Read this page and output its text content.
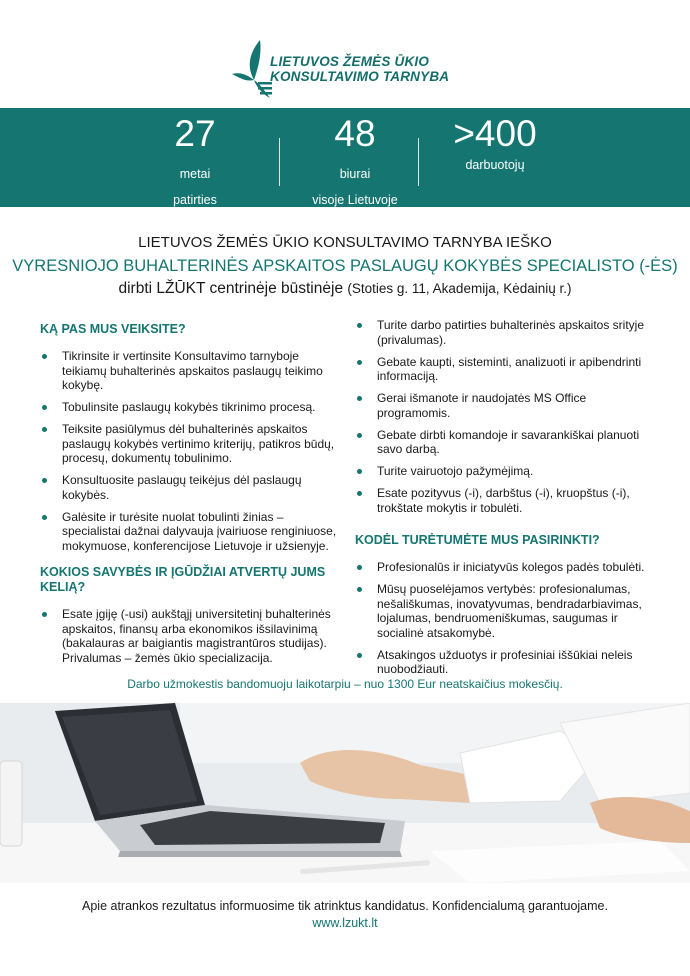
LIETUVOS ŽEMĖS ŪKIO
KONSULTAVIMO TARNYBA
27
metai
patirties
48
biurai
visoje Lietuvoje
>400
darbuotojų
LIETUVOS ŽEMĖS ŪKIO KONSULTAVIMO TARNYBA IEŠKO
VYRESNIOJO BUHALTERINĖS APSKAITOS PASLAUGŲ KOKYBĖS SPECIALISTO (-ĖS)
dirbti LŽŪKT centrinėje būstinėje (Stoties g. 11, Akademija, Kėdainių r.)
KĄ PAS MUS VEIKSITE?
Tikrinsite ir vertinsite Konsultavimo tarnyboje teikiamų buhalterinės apskaitos paslaugų teikimo kokybę.
Tobulinsite paslaugų kokybės tikrinimo procesą.
Teiksite pasiūlymus dėl buhalterinės apskaitos paslaugų kokybės vertinimo kriterijų, patikros būdų, procesų, dokumentų tobulinimo.
Konsultuosite paslaugų teikėjus dėl paslaugų kokybės.
Galėsite ir turėsite nuolat tobulinti žinias – specialistai dažnai dalyvauja įvairiuose renginiuose, mokymuose, konferencijose Lietuvoje ir užsienyje.
KOKIOS SAVYBĖS IR ĮGŪDŽIAI ATVERTŲ JUMS KELIĄ?
Esate įgiję (-usi) aukštąjį universitetinį buhalterinės apskaitos, finansų arba ekonomikos išsilavinimą (bakalauras ar baigiantis magistrantūros studijas). Privalumas – žemės ūkio specializacija.
Turite darbo patirties buhalterinės apskaitos srityje (privalumas).
Gebate kaupti, sisteminti, analizuoti ir apibendrinti informaciją.
Gerai išmanote ir naudojatės MS Office programomis.
Gebate dirbti komandoje ir savarankiškai planuoti savo darbą.
Turite vairuotojo pažymėjimą.
Esate pozityvus (-i), darbštus (-i), kruopštus (-i), trokštate mokytis ir tobulėti.
KODĖL TURĖTUMĖTE MUS PASIRINKTI?
Profesionalūs ir iniciatyvūs kolegos padės tobulėti.
Mūsų puoselėjamos vertybės: profesionalumas, nešališkumas, inovatyvumas, bendradarbiavimas, lojalumas, bendruomeniškumas, saugumas ir socialinė atsakomybė.
Atsakingos užduotys ir profesiniai iššūkiai neleis nuobodžiauti.
Darbo užmokestis bandomuoju laikotarpiu – nuo 1300 Eur neatskaičius mokesčių.
Apie atrankos rezultatus informuosime tik atrinktus kandidatus. Konfidencialumą garantuojame.
www.lzukt.lt
